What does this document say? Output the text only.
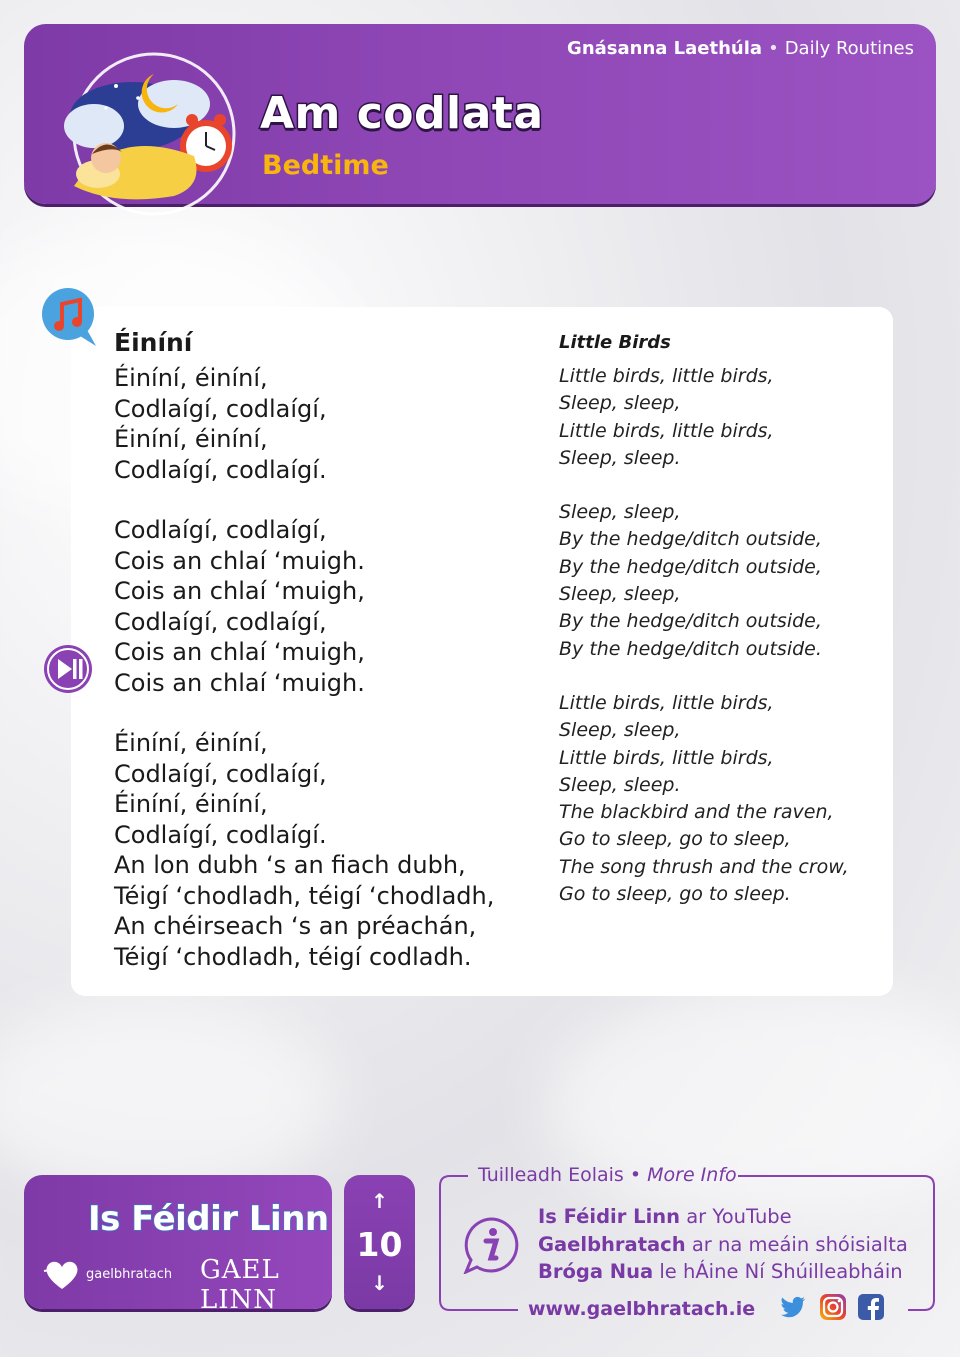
Gnásanna Laethúla • Daily Routines
Am codlata
Bedtime
Éiníní
Éiníní, éiníní,
Codlaígí, codlaígí,
Éiníní, éiníní,
Codlaígí, codlaígí.
Codlaígí, codlaígí,
Cois an chlaí ‘muigh.
Cois an chlaí ‘muigh,
Codlaígí, codlaígí,
Cois an chlaí ‘muigh,
Cois an chlaí ‘muigh.
Éiníní, éiníní,
Codlaígí, codlaígí,
Éiníní, éiníní,
Codlaígí, codlaígí.
An lon dubh ‘s an fiach dubh,
Téigí ‘chodladh, téigí ‘chodladh,
An chéirseach ‘s an préachán,
Téigí ‘chodladh, téigí codladh.
Little Birds
Little birds, little birds,
Sleep, sleep,
Little birds, little birds,
Sleep, sleep.
Sleep, sleep,
By the hedge/ditch outside,
By the hedge/ditch outside,
Sleep, sleep,
By the hedge/ditch outside,
By the hedge/ditch outside.
Little birds, little birds,
Sleep, sleep,
Little birds, little birds,
Sleep, sleep.
The blackbird and the raven,
Go to sleep, go to sleep,
The song thrush and the crow,
Go to sleep, go to sleep.
Is Féidir Linn
gaelbhratach GAEL LINN
↑
10
↓
Tuilleadh Eolais • More Info
Is Féidir Linn ar YouTube
Gaelbhratach ar na meáin shóisialta
Bróga Nua le hÁine Ní Shúilleabháin
www.gaelbhratach.ie
